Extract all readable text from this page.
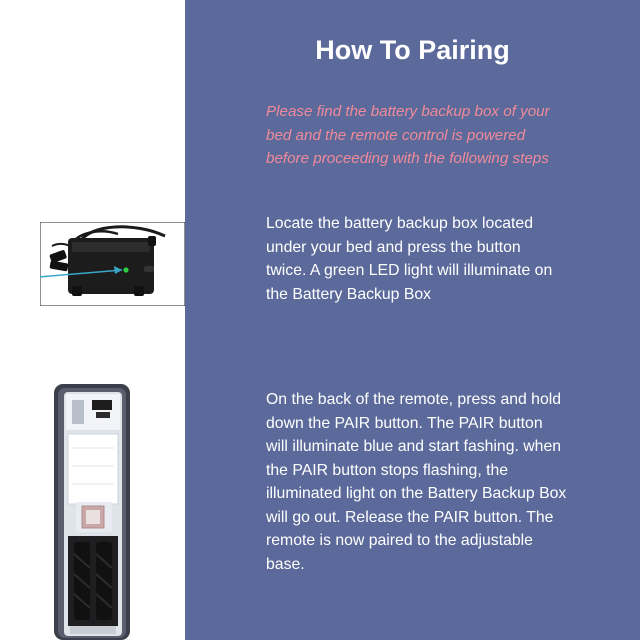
How To Pairing
Please find the battery backup box of your
bed and the remote control is powered
before proceeding with the following steps
Locate the battery backup box located
under your bed and press the button
twice. A green LED light will illuminate on
the Battery Backup Box
On the back of the remote, press and hold
down the PAIR button. The PAIR button
will illuminate blue and start fashing. when
the PAIR button stops flashing, the
illuminated light on the Battery Backup Box
will go out. Release the PAIR button. The
remote is now paired to the adjustable
base.
